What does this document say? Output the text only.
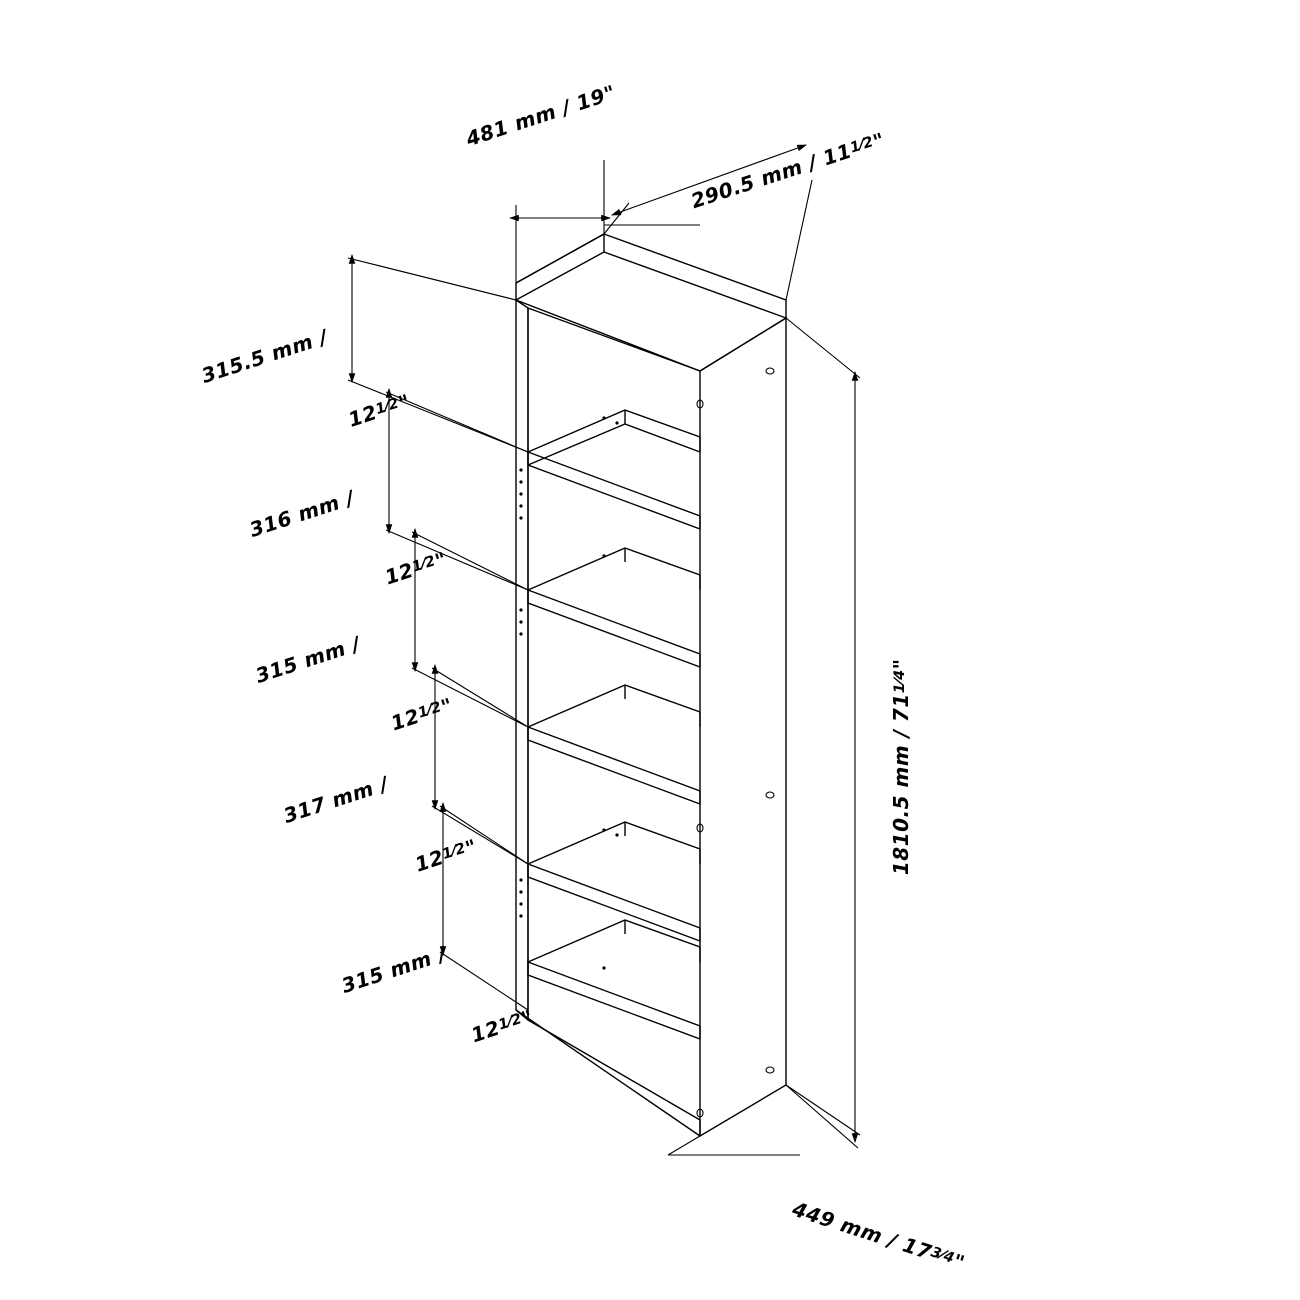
481 mm / 19"

290.5 mm / $11^{1⁄2}$"

315.5 mm /

$12^{1⁄2}$"

316 mm /

$12^{1⁄2}$"

315 mm /

$12^{1⁄2}$"

317 mm /

$12^{1⁄2}$"

315 mm /

$12^{1⁄2}$"

1810.5 mm / $71^{1⁄4}$"

449 mm / $17^{3⁄4}$"
